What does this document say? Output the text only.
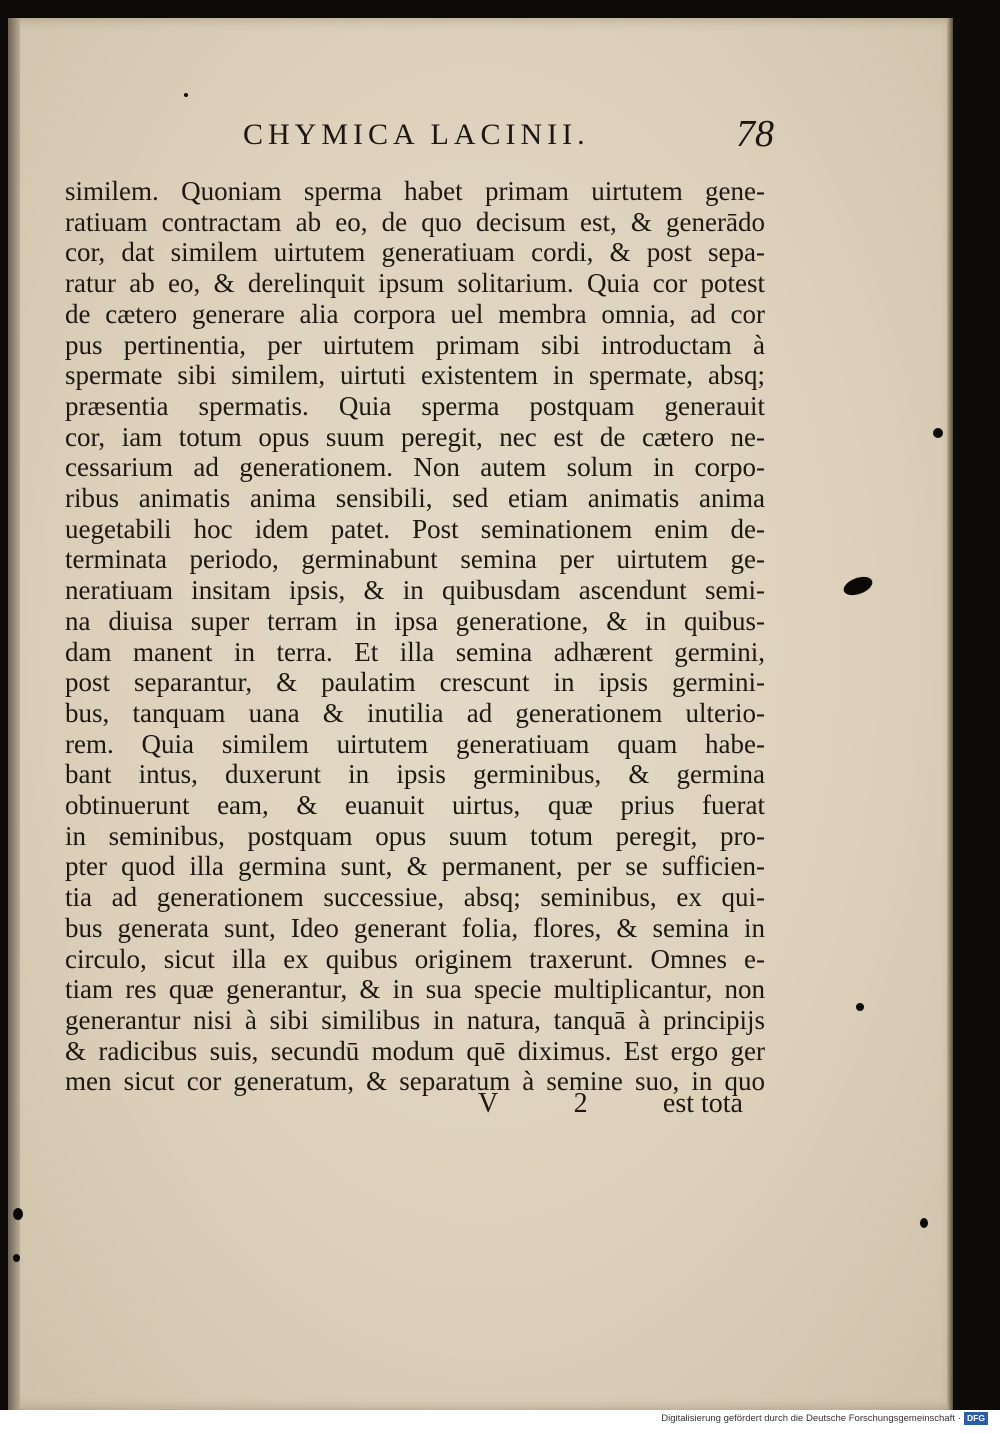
CHYMICA LACINII.	78
similem. Quoniam sperma habet primam uirtutem gene-
ratiuam contractam ab eo, de quo decisum est, & generādo
cor, dat similem uirtutem generatiuam cordi, & post sepa-
ratur ab eo, & derelinquit ipsum solitarium. Quia cor potest
de cætero generare alia corpora uel membra omnia, ad cor
pus pertinentia, per uirtutem primam sibi introductam à
spermate sibi similem, uirtuti existentem in spermate, absq;
præsentia spermatis. Quia sperma postquam generauit
cor, iam totum opus suum peregit, nec est de cætero ne-
cessarium ad generationem. Non autem solum in corpo-
ribus animatis anima sensibili, sed etiam animatis anima
uegetabili hoc idem patet. Post seminationem enim de-
terminata periodo, germinabunt semina per uirtutem ge-
neratiuam insitam ipsis, & in quibusdam ascendunt semi-
na diuisa super terram in ipsa generatione, & in quibus-
dam manent in terra. Et illa semina adhærent germini,
post separantur, & paulatim crescunt in ipsis germini-
bus, tanquam uana & inutilia ad generationem ulterio-
rem. Quia similem uirtutem generatiuam quam habe-
bant intus, duxerunt in ipsis germinibus, & germina
obtinuerunt eam, & euanuit uirtus, quæ prius fuerat
in seminibus, postquam opus suum totum peregit, pro-
pter quod illa germina sunt, & permanent, per se sufficien-
tia ad generationem successiue, absq; seminibus, ex qui-
bus generata sunt, Ideo generant folia, flores, & semina in
circulo, sicut illa ex quibus originem traxerunt. Omnes e-
tiam res quæ generantur, & in sua specie multiplicantur, non
generantur nisi à sibi similibus in natura, tanquā à principijs
& radicibus suis, secundū modum quē diximus. Est ergo ger
men sicut cor generatum, & separatum à semine suo, in quo
V	2	est tota
Digitalisierung gefördert durch die Deutsche Forschungsgemeinschaft · DFG
